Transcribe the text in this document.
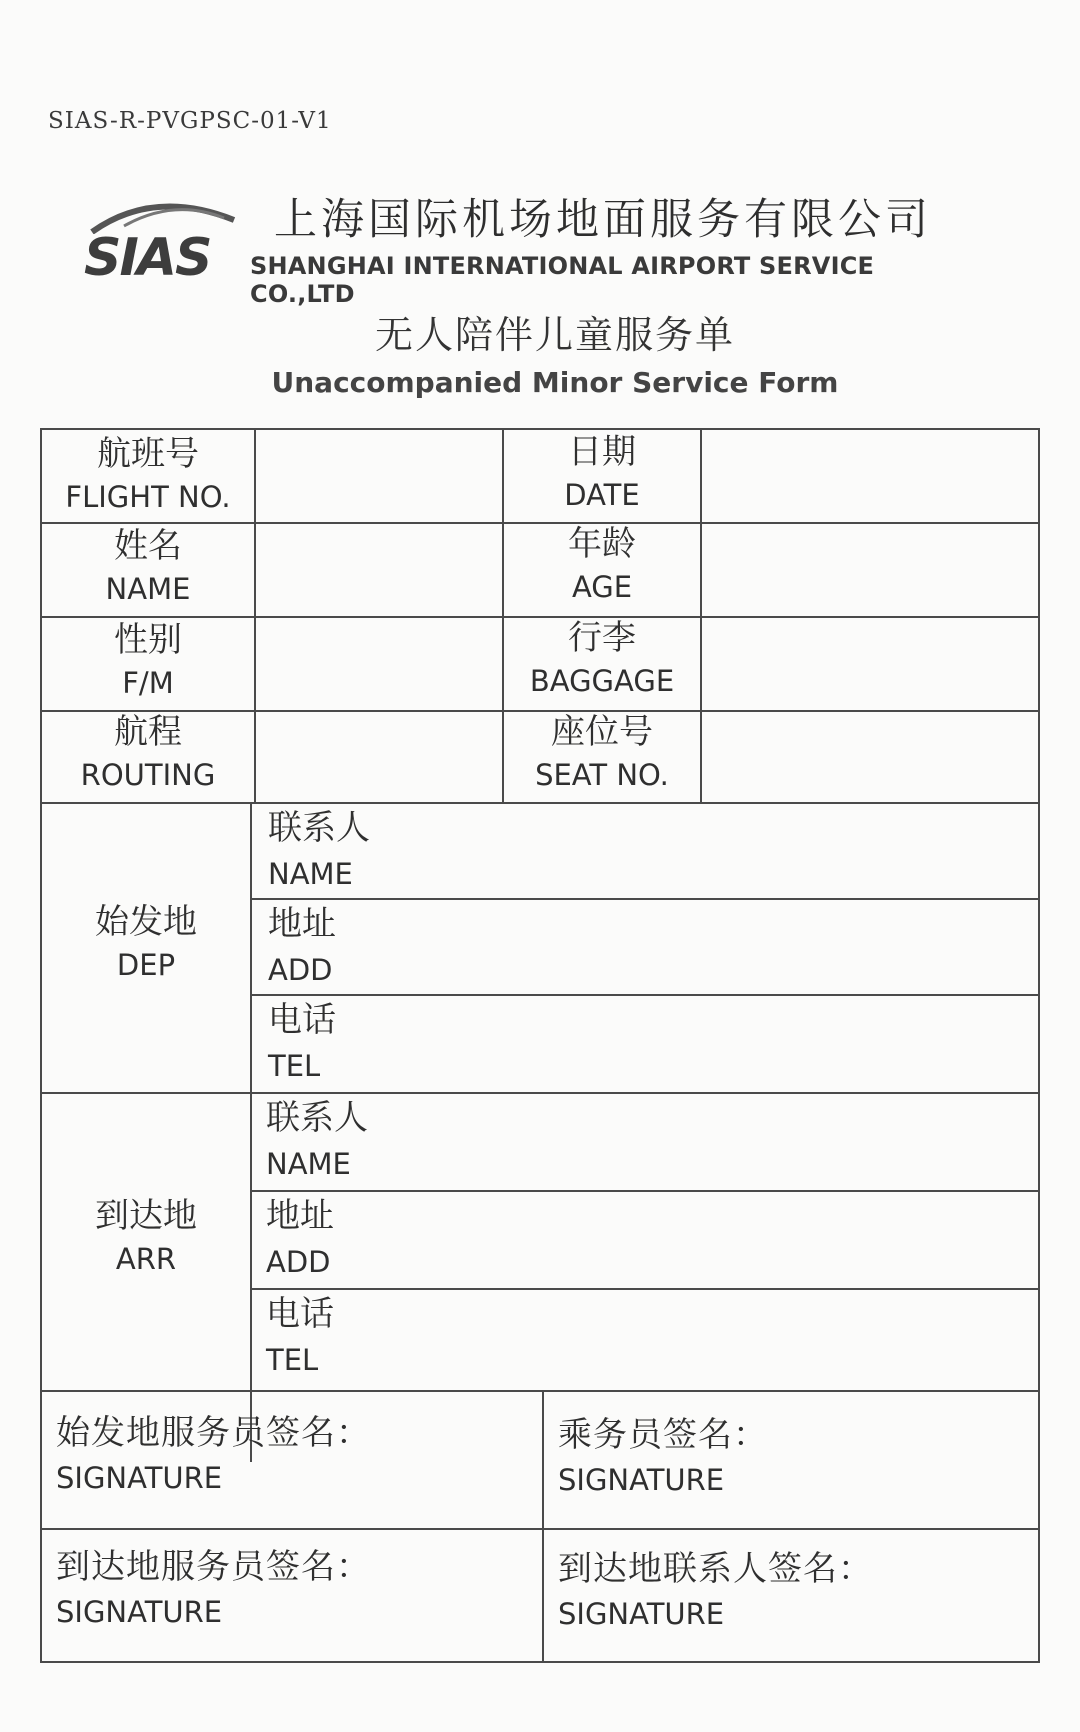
SIAS-R-PVGPSC-01-V1
SIAS
上海国际机场地面服务有限公司
SHANGHAI INTERNATIONAL AIRPORT SERVICE CO.,LTD
无人陪伴儿童服务单
Unaccompanied Minor Service Form
航班号
FLIGHT NO.
日期
DATE
姓名
NAME
年龄
AGE
性别
F/M
行李
BAGGAGE
航程
ROUTING
座位号
SEAT NO.
始发地
DEP
联系人
NAME
地址
ADD
电话
TEL
到达地
ARR
联系人
NAME
地址
ADD
电话
TEL
始发地服务员签名：
SIGNATURE
乘务员签名：
SIGNATURE
到达地服务员签名：
SIGNATURE
到达地联系人签名：
SIGNATURE
